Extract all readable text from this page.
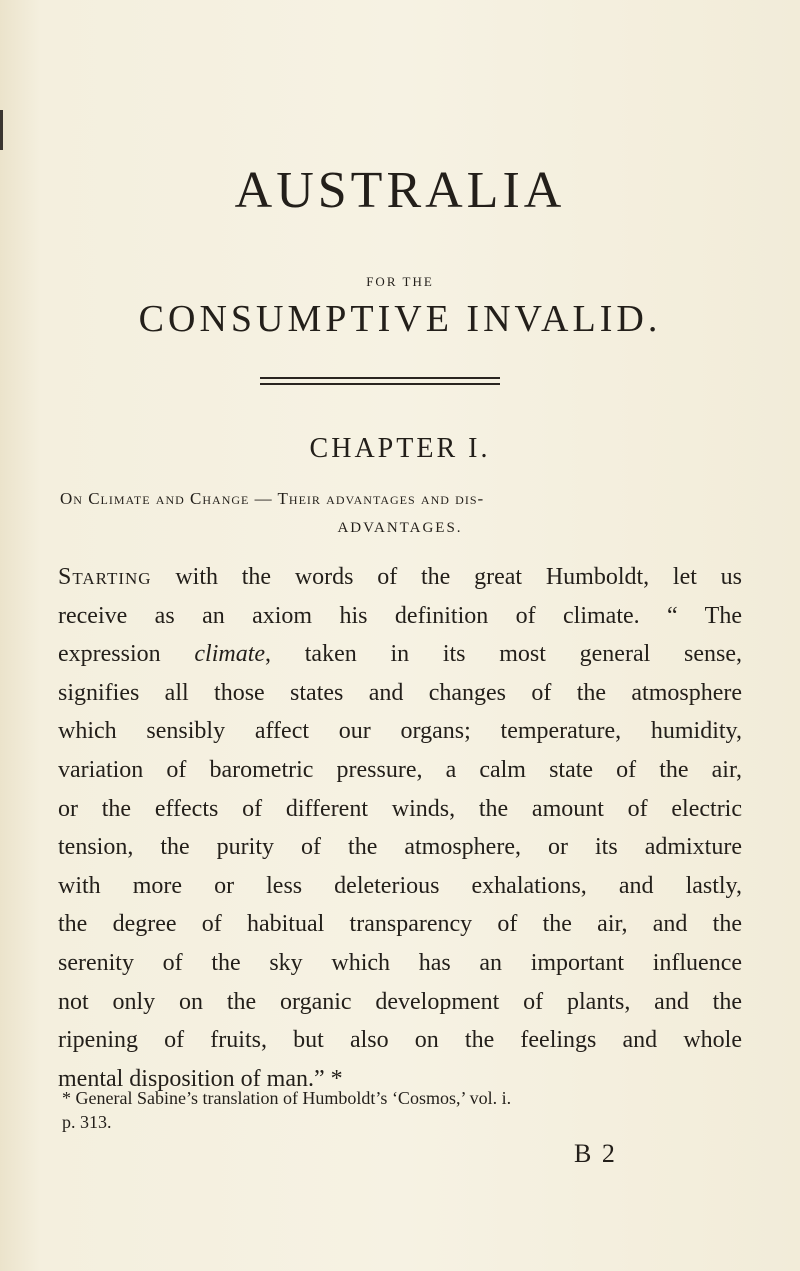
AUSTRALIA
FOR THE
CONSUMPTIVE INVALID.
CHAPTER I.
On Climate and Change — Their advantages and dis-
ADVANTAGES.
Starting with the words of the great Humboldt, let us
receive as an axiom his definition of climate. “ The
expression climate, taken in its most general sense,
signifies all those states and changes of the atmosphere
which sensibly affect our organs; temperature, humidity,
variation of barometric pressure, a calm state of the air,
or the effects of different winds, the amount of electric
tension, the purity of the atmosphere, or its admixture
with more or less deleterious exhalations, and lastly,
the degree of habitual transparency of the air, and the
serenity of the sky which has an important influence
not only on the organic development of plants, and the
ripening of fruits, but also on the feelings and whole
mental disposition of man.” *
* General Sabine’s translation of Humboldt’s ‘Cosmos,’ vol. i.
p. 313.
B 2
